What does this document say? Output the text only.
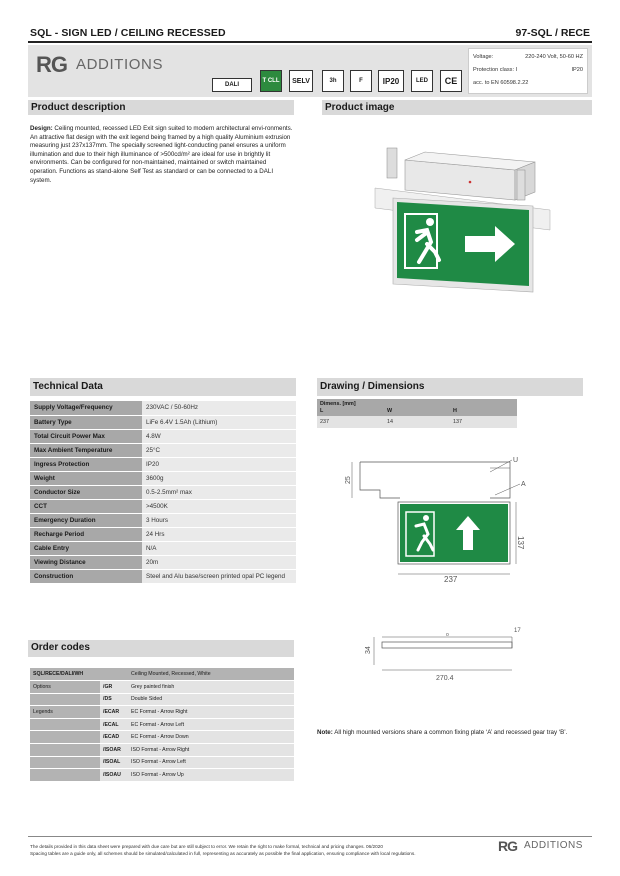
SQL - SIGN LED / CEILING RECESSED	97-SQL / RECE
RG ADDITIONS
DALI
T CLL SELV	3h	F IP20	LED CE
Voltage:	220-240 Volt, 50-60 HZ
Protection class: I	IP20
acc. to EN 60598.2.22
Product description	Product image
Design: Ceiling mounted, recessed LED Exit sign suited to modern architectural envi-ronments. An attractive flat design with the exit legend being framed by a high quality Aluminium extrusion measuring just 237x137mm. The specially screened light-conducting panel ensures a uniform illumination and due to their high illuminance of >500cd/m² are ideal for use in brightly lit environments. Can be configured for non-maintained, maintained or switch maintained operation. Functions as stand-alone Self Test as standard or can be connected to a DALI system.
Technical Data
Supply Voltage/Frequency	230VAC / 50-60Hz
Battery Type	LiFe 6.4V 1.5Ah (Lithium)
Total Circuit Power Max	4.8W
Max Ambient Temperature	25°C
Ingress Protection	IP20
Weight	3600g
Conductor Size	0.5-2.5mm² max
CCT	>4500K
Emergency Duration	3 Hours
Recharge Period	24 Hrs
Cable Entry	N/A
Viewing Distance	20m
Construction	Steel and Alu base/screen printed opal PC legend
Drawing / Dimensions
Dimens. [mm]
L	W	H
237	14	137
25
U
A
137
237
o
34
17
270.4
Order codes
SQL/RECE/DALI/WH		Ceiling Mounted, Recessed, White
Options	/GR	Grey painted finish
	/DS	Double Sided
Legends	/ECAR	EC Format - Arrow Right
	/ECAL	EC Format - Arrow Left
	/ECAD	EC Format - Arrow Down
	/ISOAR	ISO Format - Arrow Right
	/ISOAL	ISO Format - Arrow Left
	/ISOAU	ISO Format - Arrow Up
Note: All high mounted versions share a common fixing plate ‘A’ and recessed gear tray ‘B’.
The details provided in this data sheet were prepared with due care but are still subject to error. We retain the right to make formal, technical and pricing changes. 06/2020
Spacing tables are a guide only, all schemes should be simulated/calculated in full, representing as accurately as possible the final application, ensuring compliance with local regulations.	RG ADDITIONS
